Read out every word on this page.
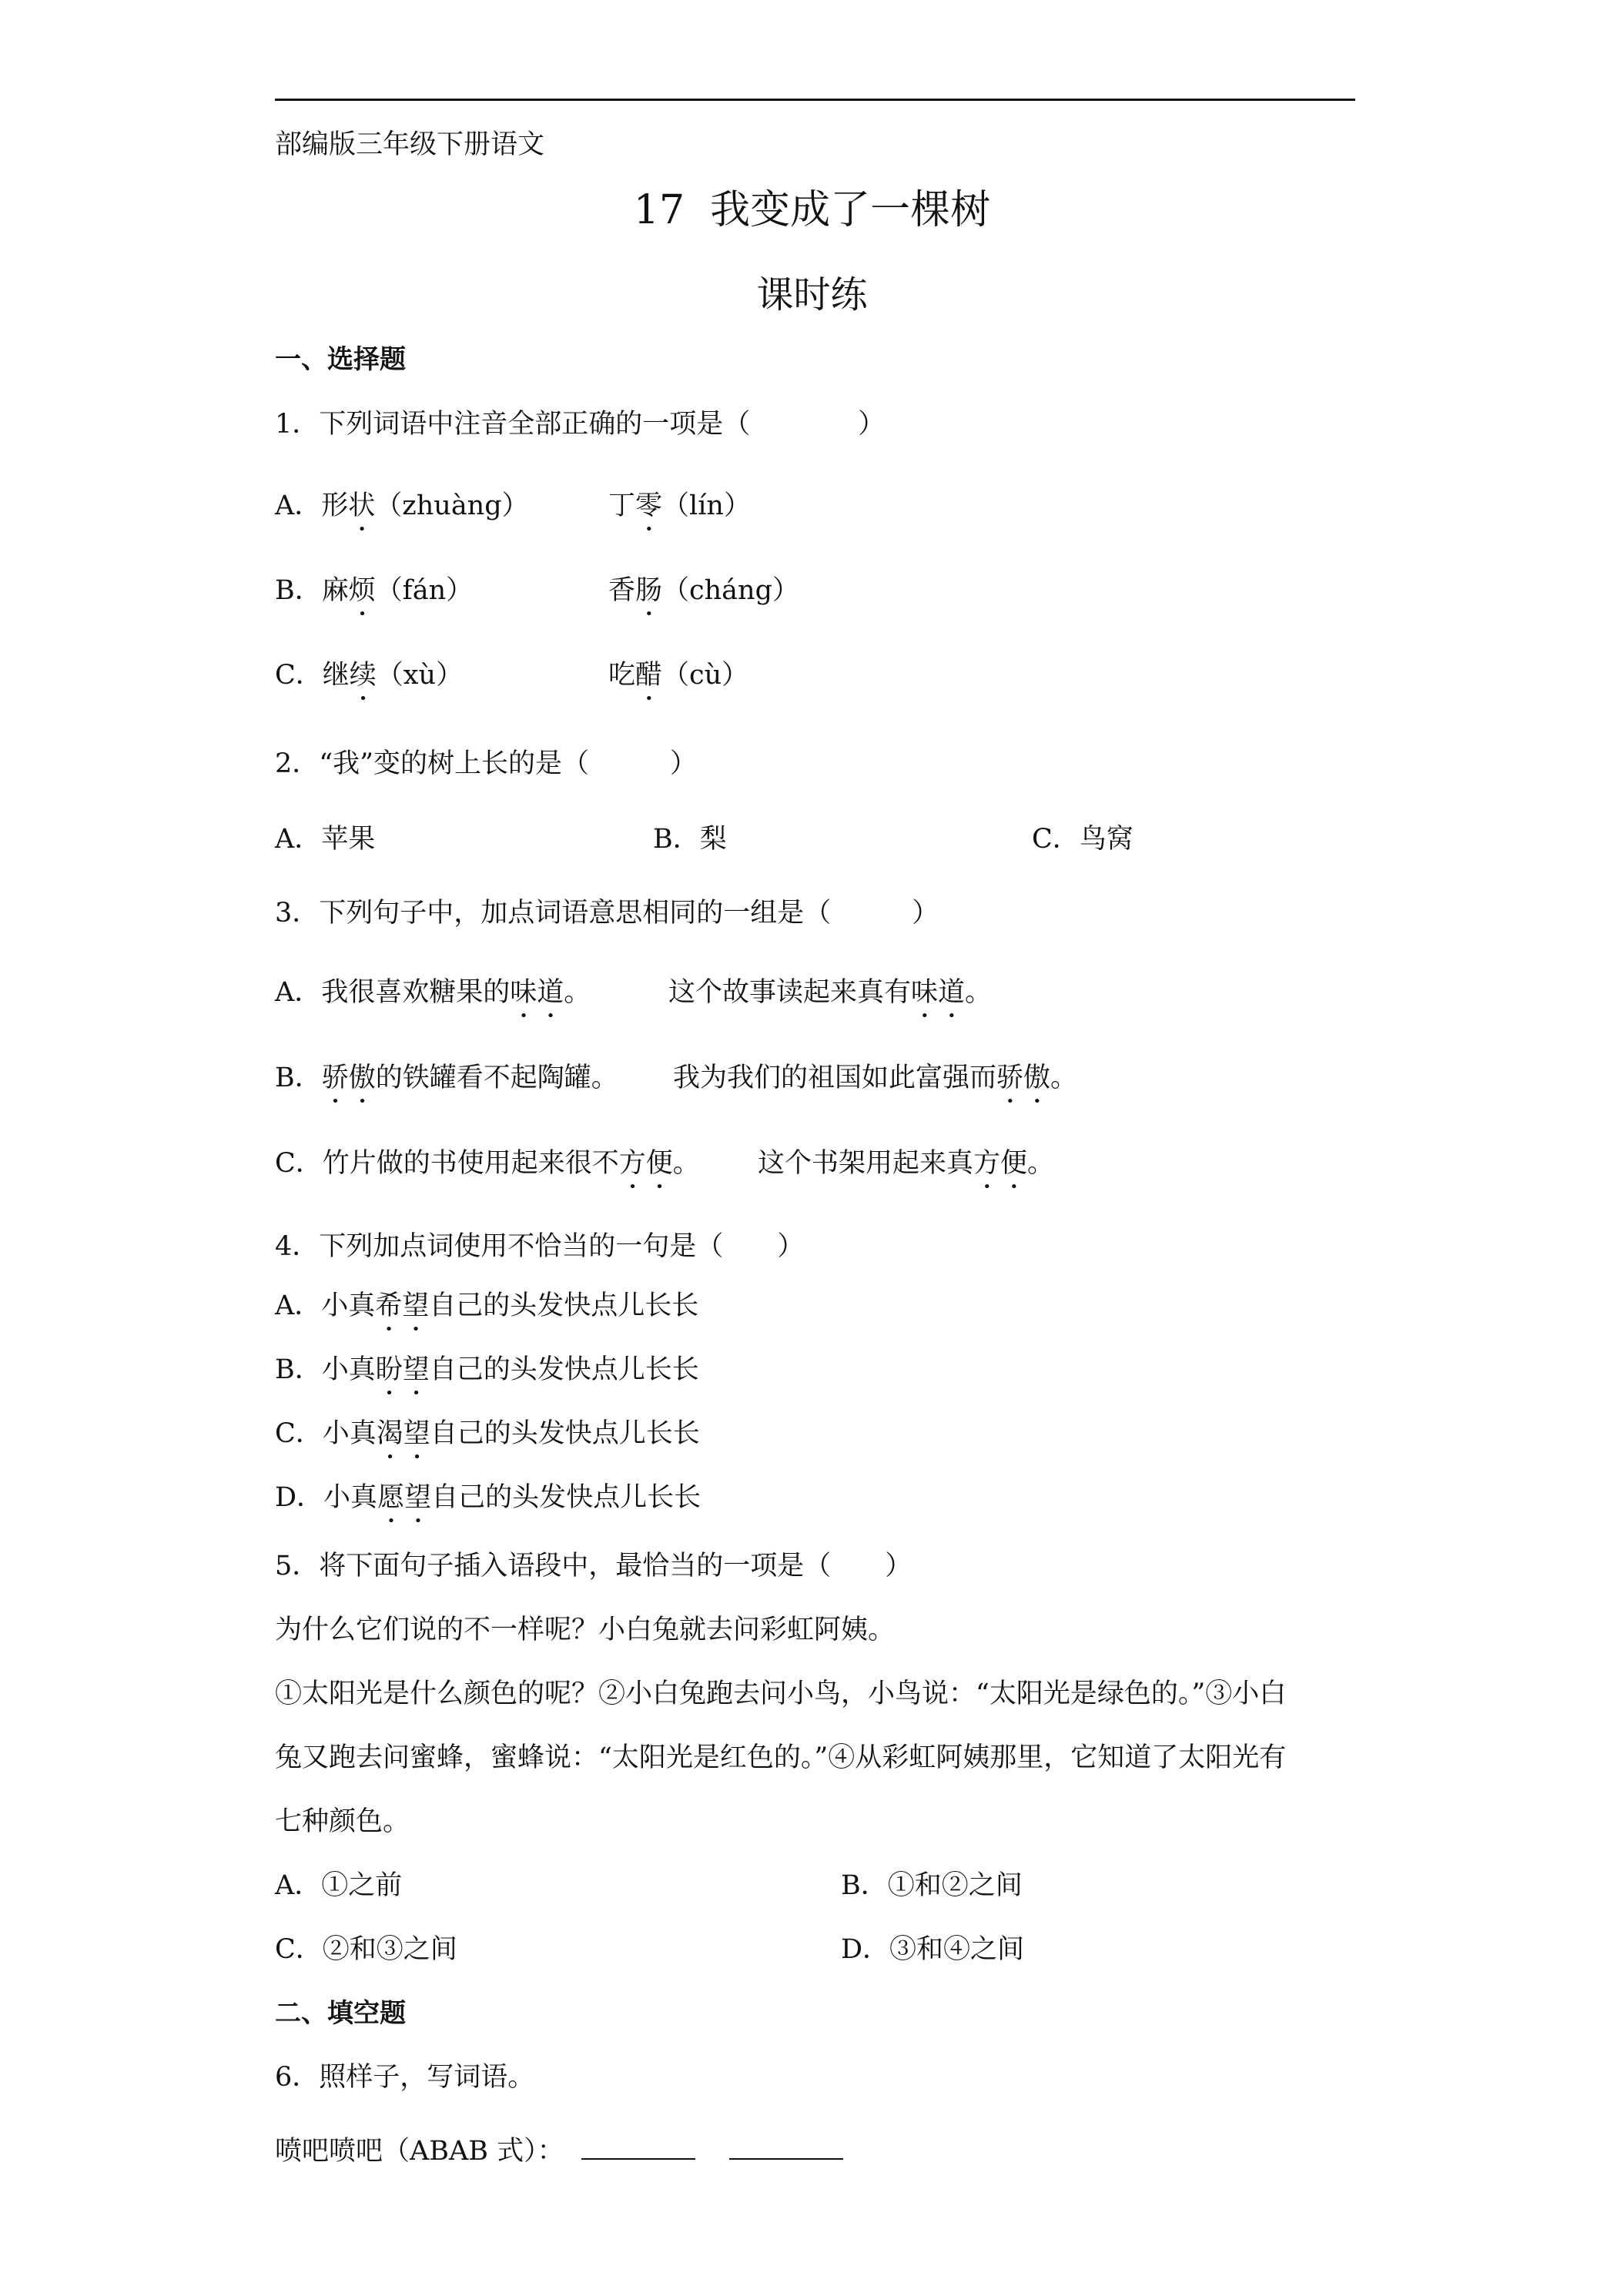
部编版三年级下册语文
17  我变成了一棵树
课时练
一、选择题
1．下列词语中注音全部正确的一项是（　　　　）
A．形状（zhuàng）	丁零（lín）
B．麻烦（fán）	香肠（cháng）
C．继续（xù）	吃醋（cù）
2．“我”变的树上长的是（　　　）
A．苹果	B．梨	C．鸟窝
3．下列句子中，加点词语意思相同的一组是（　　　）
A．我很喜欢糖果的味道。	这个故事读起来真有味道。
B．骄傲的铁罐看不起陶罐。 我为我们的祖国如此富强而骄傲。
C．竹片做的书使用起来很不方便。 这个书架用起来真方便。
4．下列加点词使用不恰当的一句是（　　）
A．小真希望自己的头发快点儿长长
B．小真盼望自己的头发快点儿长长
C．小真渴望自己的头发快点儿长长
D．小真愿望自己的头发快点儿长长
5．将下面句子插入语段中，最恰当的一项是（　　）
为什么它们说的不一样呢？小白兔就去问彩虹阿姨。
①太阳光是什么颜色的呢？②小白兔跑去问小鸟，小鸟说：“太阳光是绿色的。”③小白
兔又跑去问蜜蜂，蜜蜂说：“太阳光是红色的。”④从彩虹阿姨那里，它知道了太阳光有
七种颜色。
A．①之前	B．①和②之间
C．②和③之间	D．③和④之间
二、填空题
6．照样子，写词语。
喷吧喷吧（ABAB 式）：
